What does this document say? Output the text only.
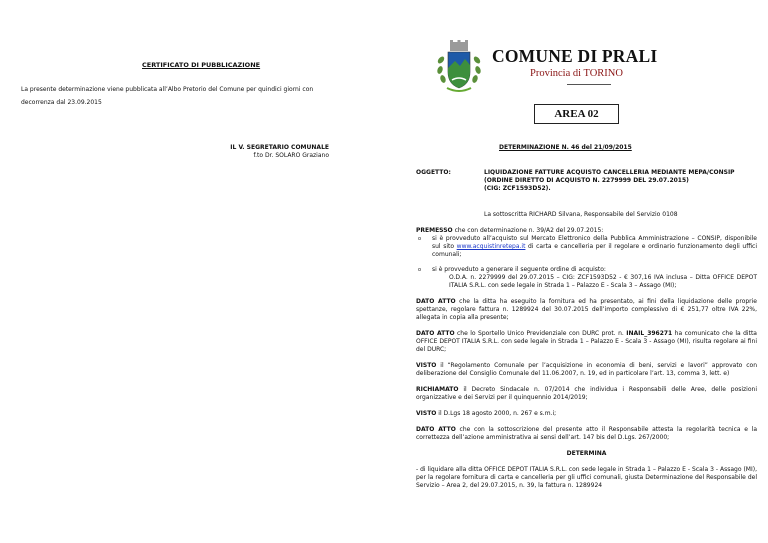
CERTIFICATO DI PUBBLICAZIONE
La presente determinazione viene pubblicata all’Albo Pretorio del Comune per quindici giorni con
decorrenza dal 23.09.2015
IL V. SEGRETARIO COMUNALE
f.to Dr. SOLARO Graziano
COMUNE DI PRALI
Provincia di TORINO
AREA 02
DETERMINAZIONE N. 46 del 21/09/2015
OGGETTO:	LIQUIDAZIONE FATTURE ACQUISTO CANCELLERIA MEDIANTE MEPA/CONSIP
(ORDINE DIRETTO DI ACQUISTO N. 2279999 DEL 29.07.2015)
(CIG: ZCF1593D52).
La sottoscritta RICHARD Silvana, Responsabile del Servizio 0108

PREMESSO che con determinazione n. 39/A2 del 29.07.2015:

o si è provveduto all’acquisto sul Mercato Elettronico della Pubblica Amministrazione – CONSIP, disponibile sul sito www.acquistinretepa.it di carta e cancelleria per il regolare e ordinario funzionamento degli uffici comunali;
o si è provveduto a generare il seguente ordine di acquisto:
O.D.A. n. 2279999 del 29.07.2015 – CIG: ZCF1593D52 - € 307,16 IVA inclusa – Ditta OFFICE DEPOT ITALIA S.R.L. con sede legale in Strada 1 – Palazzo E - Scala 3 – Assago (MI);

DATO ATTO che la ditta ha eseguito la fornitura ed ha presentato, ai fini della liquidazione delle proprie spettanze, regolare fattura n. 1289924 del 30.07.2015 dell’importo complessivo di € 251,77 oltre IVA 22%, allegata in copia alla presente;

DATO ATTO che lo Sportello Unico Previdenziale con DURC prot. n. INAIL_396271 ha comunicato che la ditta OFFICE DEPOT ITALIA S.R.L. con sede legale in Strada 1 – Palazzo E - Scala 3 - Assago (MI), risulta regolare ai fini del DURC;

VISTO il “Regolamento Comunale per l’acquisizione in economia di beni, servizi e lavori” approvato con deliberazione del Consiglio Comunale del 11.06.2007, n. 19, ed in particolare l’art. 13, comma 3, lett. e)

RICHIAMATO il Decreto Sindacale n. 07/2014 che individua i Responsabili delle Aree, delle posizioni organizzative e dei Servizi per il quinquennio 2014/2019;

VISTO il D.Lgs 18 agosto 2000, n. 267 e s.m.i;

DATO ATTO che con la sottoscrizione del presente atto il Responsabile attesta la regolarità tecnica e la correttezza dell’azione amministrativa ai sensi dell’art. 147 bis del D.Lgs. 267/2000;

DETERMINA

- di liquidare alla ditta OFFICE DEPOT ITALIA S.R.L. con sede legale in Strada 1 – Palazzo E - Scala 3 - Assago (MI), per la regolare fornitura di carta e cancelleria per gli uffici comunali, giusta Determinazione del Responsabile del Servizio – Area 2, del 29.07.2015, n. 39, la fattura n. 1289924
